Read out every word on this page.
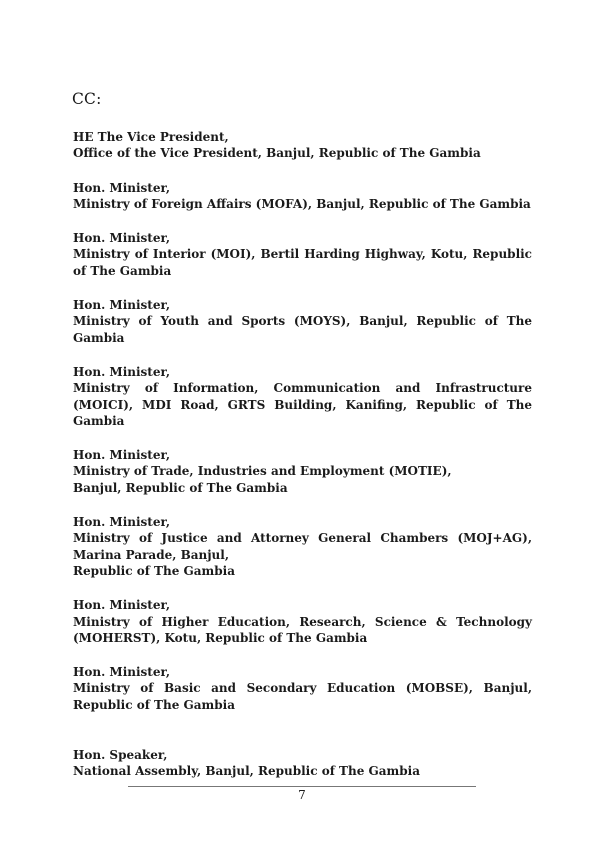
CC:

HE The Vice President,
Office of the Vice President, Banjul, Republic of The Gambia

Hon. Minister,
Ministry of Foreign Affairs (MOFA), Banjul, Republic of The Gambia

Hon. Minister,
Ministry of Interior (MOI), Bertil Harding Highway, Kotu, Republic of The Gambia

Hon. Minister,
Ministry of Youth and Sports (MOYS), Banjul, Republic of The Gambia

Hon. Minister,
Ministry of Information, Communication and Infrastructure (MOICI), MDI Road, GRTS Building, Kanifing, Republic of The Gambia

Hon. Minister,
Ministry of Trade, Industries and Employment (MOTIE),
Banjul, Republic of The Gambia

Hon. Minister,
Ministry of Justice and Attorney General Chambers (MOJ+AG), Marina Parade, Banjul,
Republic of The Gambia

Hon. Minister,
Ministry of Higher Education, Research, Science & Technology (MOHERST), Kotu, Republic of The Gambia

Hon. Minister,
Ministry of Basic and Secondary Education (MOBSE), Banjul, Republic of The Gambia

Hon. Speaker,
National Assembly, Banjul, Republic of The Gambia

7
